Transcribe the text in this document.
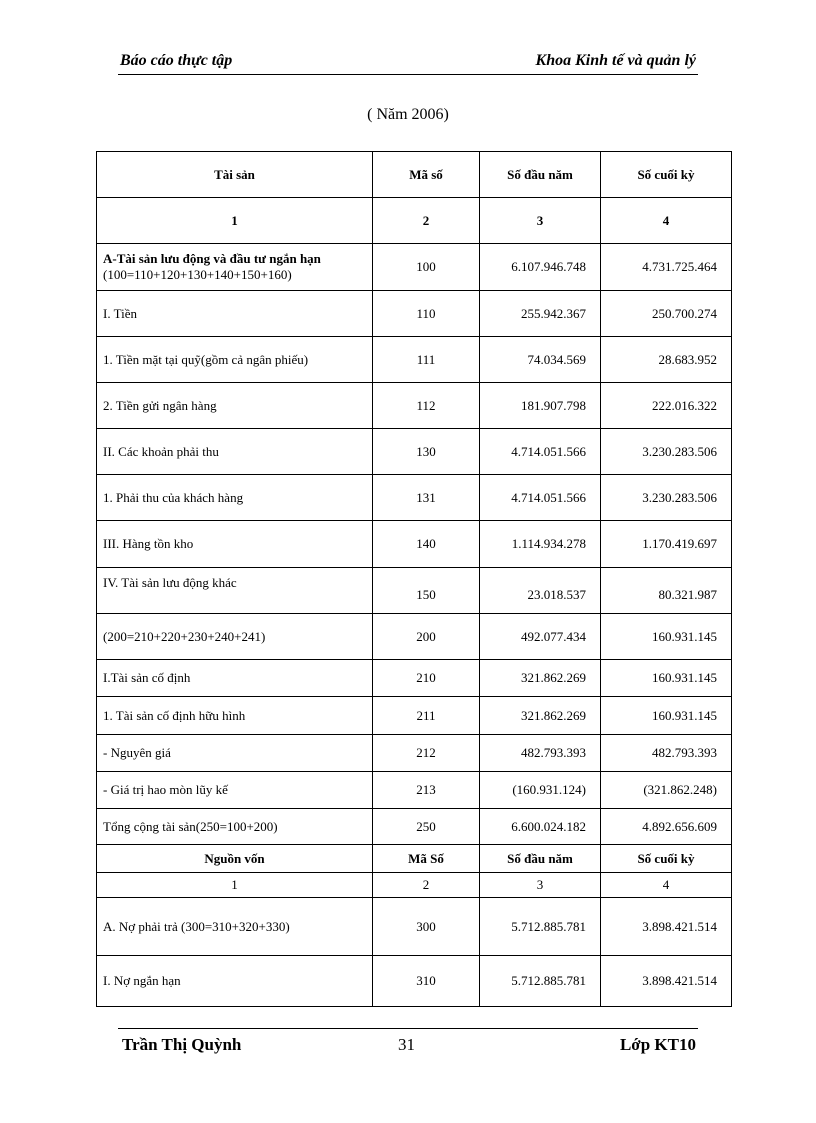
Báo cáo thực tập	Khoa Kinh tế và quản lý
( Năm 2006)
Tài sản	Mã số	Số đầu năm	Số cuối kỳ
1	2	3	4

A-Tài sản lưu động và đầu tư ngắn hạn
(100=110+120+130+140+150+160)	100	6.107.946.748	4.731.725.464
I. Tiền	110	255.942.367	250.700.274
1. Tiền mặt tại quỹ(gồm cả ngân phiếu)	111	74.034.569	28.683.952
2. Tiền gửi ngân hàng	112	181.907.798	222.016.322
II. Các khoản phải thu	130	4.714.051.566	3.230.283.506
1. Phải thu của khách hàng	131	4.714.051.566	3.230.283.506
III. Hàng tồn kho	140	1.114.934.278	1.170.419.697
IV. Tài sản lưu động khác	150	23.018.537	80.321.987
(200=210+220+230+240+241)	200	492.077.434	160.931.145
I.Tài sản cố định	210	321.862.269	160.931.145
1. Tài sản cố định hữu hình	211	321.862.269	160.931.145
- Nguyên giá	212	482.793.393	482.793.393
- Giá trị hao mòn lũy kế	213	(160.931.124)	(321.862.248)
Tổng cộng tài sản(250=100+200)	250	6.600.024.182	4.892.656.609
Nguồn vốn	Mã Số	Số đầu năm	Số cuối kỳ
1	2	3	4
A. Nợ phải trả (300=310+320+330)	300	5.712.885.781	3.898.421.514
I. Nợ ngắn hạn	310	5.712.885.781	3.898.421.514
Trần Thị Quỳnh	31	Lớp KT10
